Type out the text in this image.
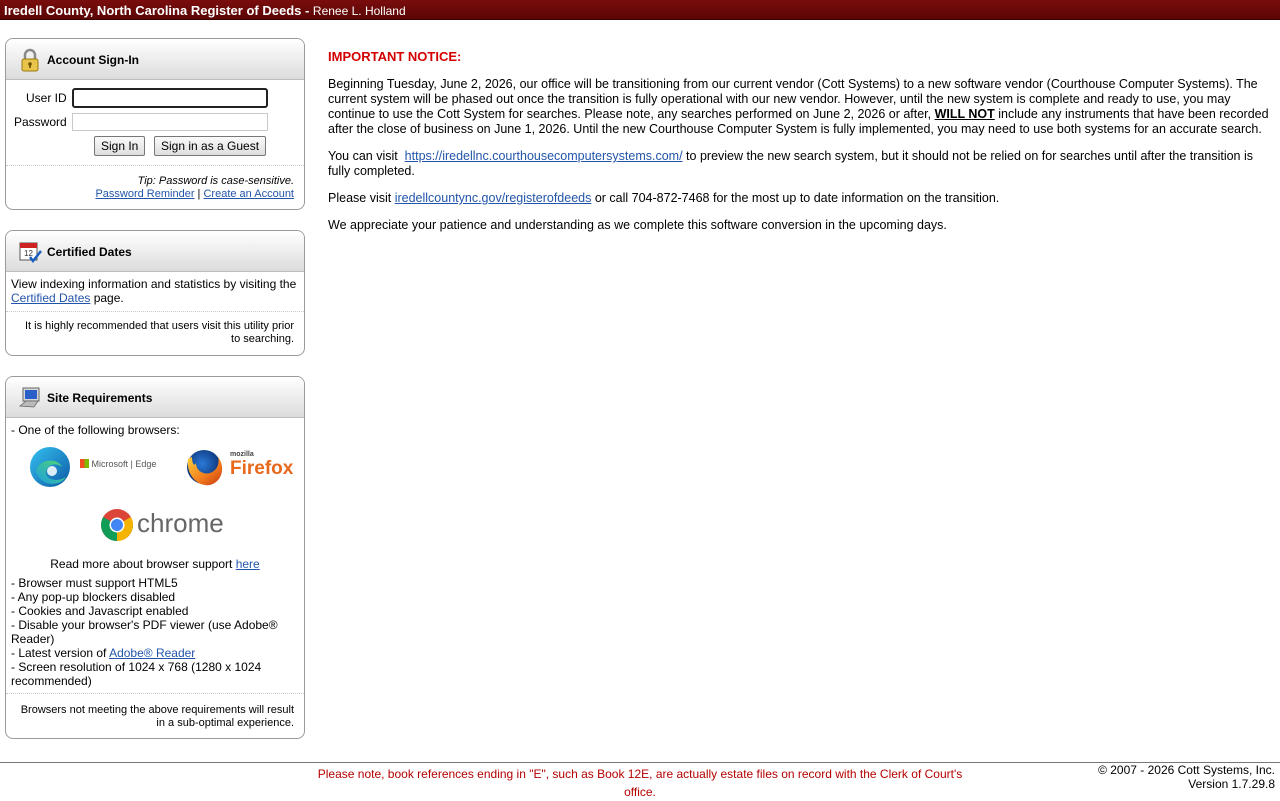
Iredell County, North Carolina Register of Deeds - Renee L. Holland
Account Sign-In
User ID
Password
Sign In	Sign in as a Guest
Tip: Password is case-sensitive.
Password Reminder | Create an Account
12 Certified Dates
View indexing information and statistics by visiting the Certified Dates page.
It is highly recommended that users visit this utility prior to searching.
Site Requirements
- One of the following browsers:
Microsoft | Edge
mozilla
Firefox
chrome
Read more about browser support here
- Browser must support HTML5
- Any pop-up blockers disabled
- Cookies and Javascript enabled
- Disable your browser's PDF viewer (use Adobe® Reader)
- Latest version of Adobe® Reader
- Screen resolution of 1024 x 768 (1280 x 1024 recommended)
Browsers not meeting the above requirements will result in a sub-optimal experience.

IMPORTANT NOTICE:

Beginning Tuesday, June 2, 2026, our office will be transitioning from our current vendor (Cott Systems) to a new software vendor (Courthouse Computer Systems). The current system will be phased out once the transition is fully operational with our new vendor. However, until the new system is complete and ready to use, you may continue to use the Cott System for searches. Please note, any searches performed on June 2, 2026 or after, WILL NOT include any instruments that have been recorded after the close of business on June 1, 2026. Until the new Courthouse Computer System is fully implemented, you may need to use both systems for an accurate search.

You can visit  https://iredellnc.courthousecomputersystems.com/ to preview the new search system, but it should not be relied on for searches until after the transition is fully completed.

Please visit iredellcountync.gov/registerofdeeds or call 704-872-7468 for the most up to date information on the transition.

We appreciate your patience and understanding as we complete this software conversion in the upcoming days.

Please note, book references ending in "E", such as Book 12E, are actually estate files on record with the Clerk of Court's office.
© 2007 - 2026 Cott Systems, Inc.
Version 1.7.29.8
